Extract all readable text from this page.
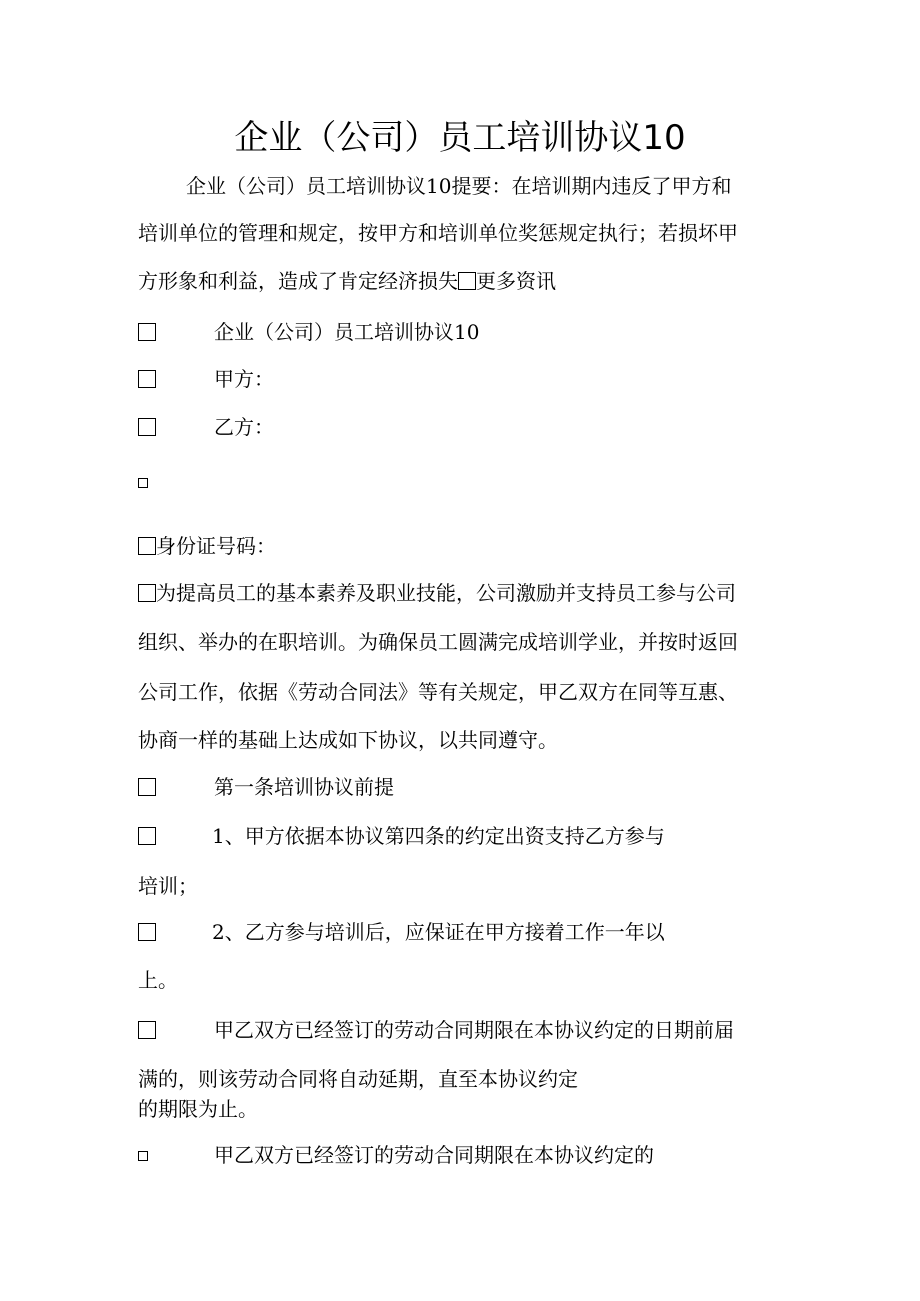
企业（公司）员工培训协议10
企业（公司）员工培训协议10提要：在培训期内违反了甲方和
培训单位的管理和规定，按甲方和培训单位奖惩规定执行；若损坏甲
方形象和利益，造成了肯定经济损失 更多资讯
企业（公司）员工培训协议10
甲方：
乙方：
身份证号码：
为提高员工的基本素养及职业技能，公司激励并支持员工参与公司
组织、举办的在职培训。为确保员工圆满完成培训学业，并按时返回
公司工作，依据《劳动合同法》等有关规定，甲乙双方在同等互惠、
协商一样的基础上达成如下协议，以共同遵守。
第一条培训协议前提
1、甲方依据本协议第四条的约定出资支持乙方参与
培训；
2、乙方参与培训后，应保证在甲方接着工作一年以
上。
甲乙双方已经签订的劳动合同期限在本协议约定的日期前届
满的，则该劳动合同将自动延期，直至本协议约定
的期限为止。
甲乙双方已经签订的劳动合同期限在本协议约定的
